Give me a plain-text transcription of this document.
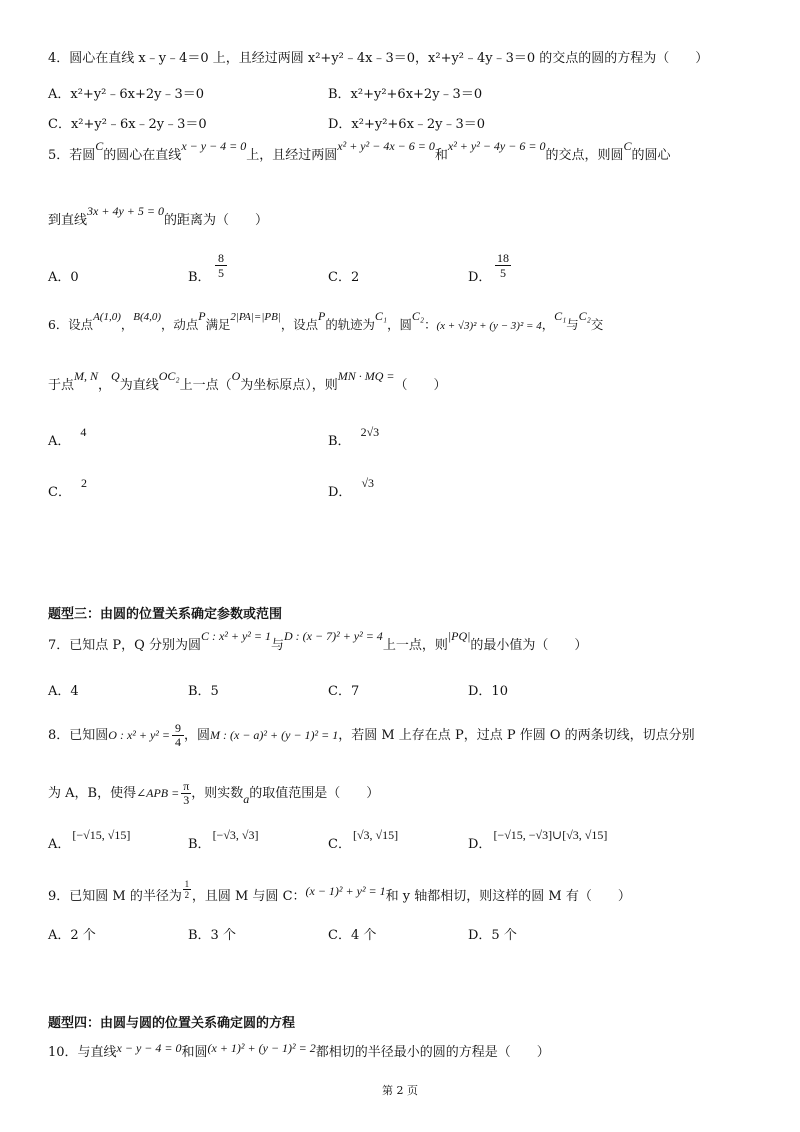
4．圆心在直线 x﹣y﹣4＝0 上，且经过两圆 x²+y²﹣4x﹣3＝0，x²+y²﹣4y﹣3＝0 的交点的圆的方程为（　　）
A．x²+y²﹣6x+2y﹣3＝0	B．x²+y²+6x+2y﹣3＝0
C．x²+y²﹣6x﹣2y﹣3＝0	D．x²+y²+6x﹣2y﹣3＝0
5．若圆C的圆心在直线x − y − 4 = 0上，且经过两圆x² + y² − 4x − 6 = 0和x² + y² − 4y − 6 = 0的交点，则圆C的圆心
到直线3x + 4y + 5 = 0的距离为（　　）
A．0	B． $\frac{8}{5}$	C．2	D． $\frac{18}{5}$
6．设点A(1,0)，B(4,0)，动点P满足2|PA|=|PB|，设点P的轨迹为C₁，圆C₂：(x + √3)² + (y − 3)² = 4，C₁与C₂交
于点M, N，Q为直线OC₂上一点（O为坐标原点），则MN · MQ =（　　）
A．4
B．2√3
C．2
D．√3
题型三：由圆的位置关系确定参数或范围
7．已知点 P，Q 分别为圆C : x² + y² = 1与D : (x − 7)² + y² = 4上一点，则|PQ|的最小值为（　　）
A．4	B．5	C．7	D．10
8．已知圆O : $x^2 + y^2 = \frac{9}{4}$ ，圆M : (x − a)² + (y − 1)² = 1，若圆 M 上存在点 P，过点 P 作圆 O 的两条切线，切点分别
为 A，B，使得∠APB = $\frac{\pi}{3}$ ，则实数a的取值范围是（　　）
A．[−√15, √15]
B．[−√3, √3]
C．[√3, √15]
D．[−√15, −√3]∪[√3, √15]
9．已知圆 M 的半径为 $\frac{1}{2}$ ，且圆 M 与圆 C：(x − 1)² + y² = 1和 y 轴都相切，则这样的圆 M 有（　　）
A．2 个	B．3 个	C．4 个	D．5 个
题型四：由圆与圆的位置关系确定圆的方程
10．与直线x − y − 4 = 0和圆(x + 1)² + (y − 1)² = 2都相切的半径最小的圆的方程是（　　）
第 2 页
